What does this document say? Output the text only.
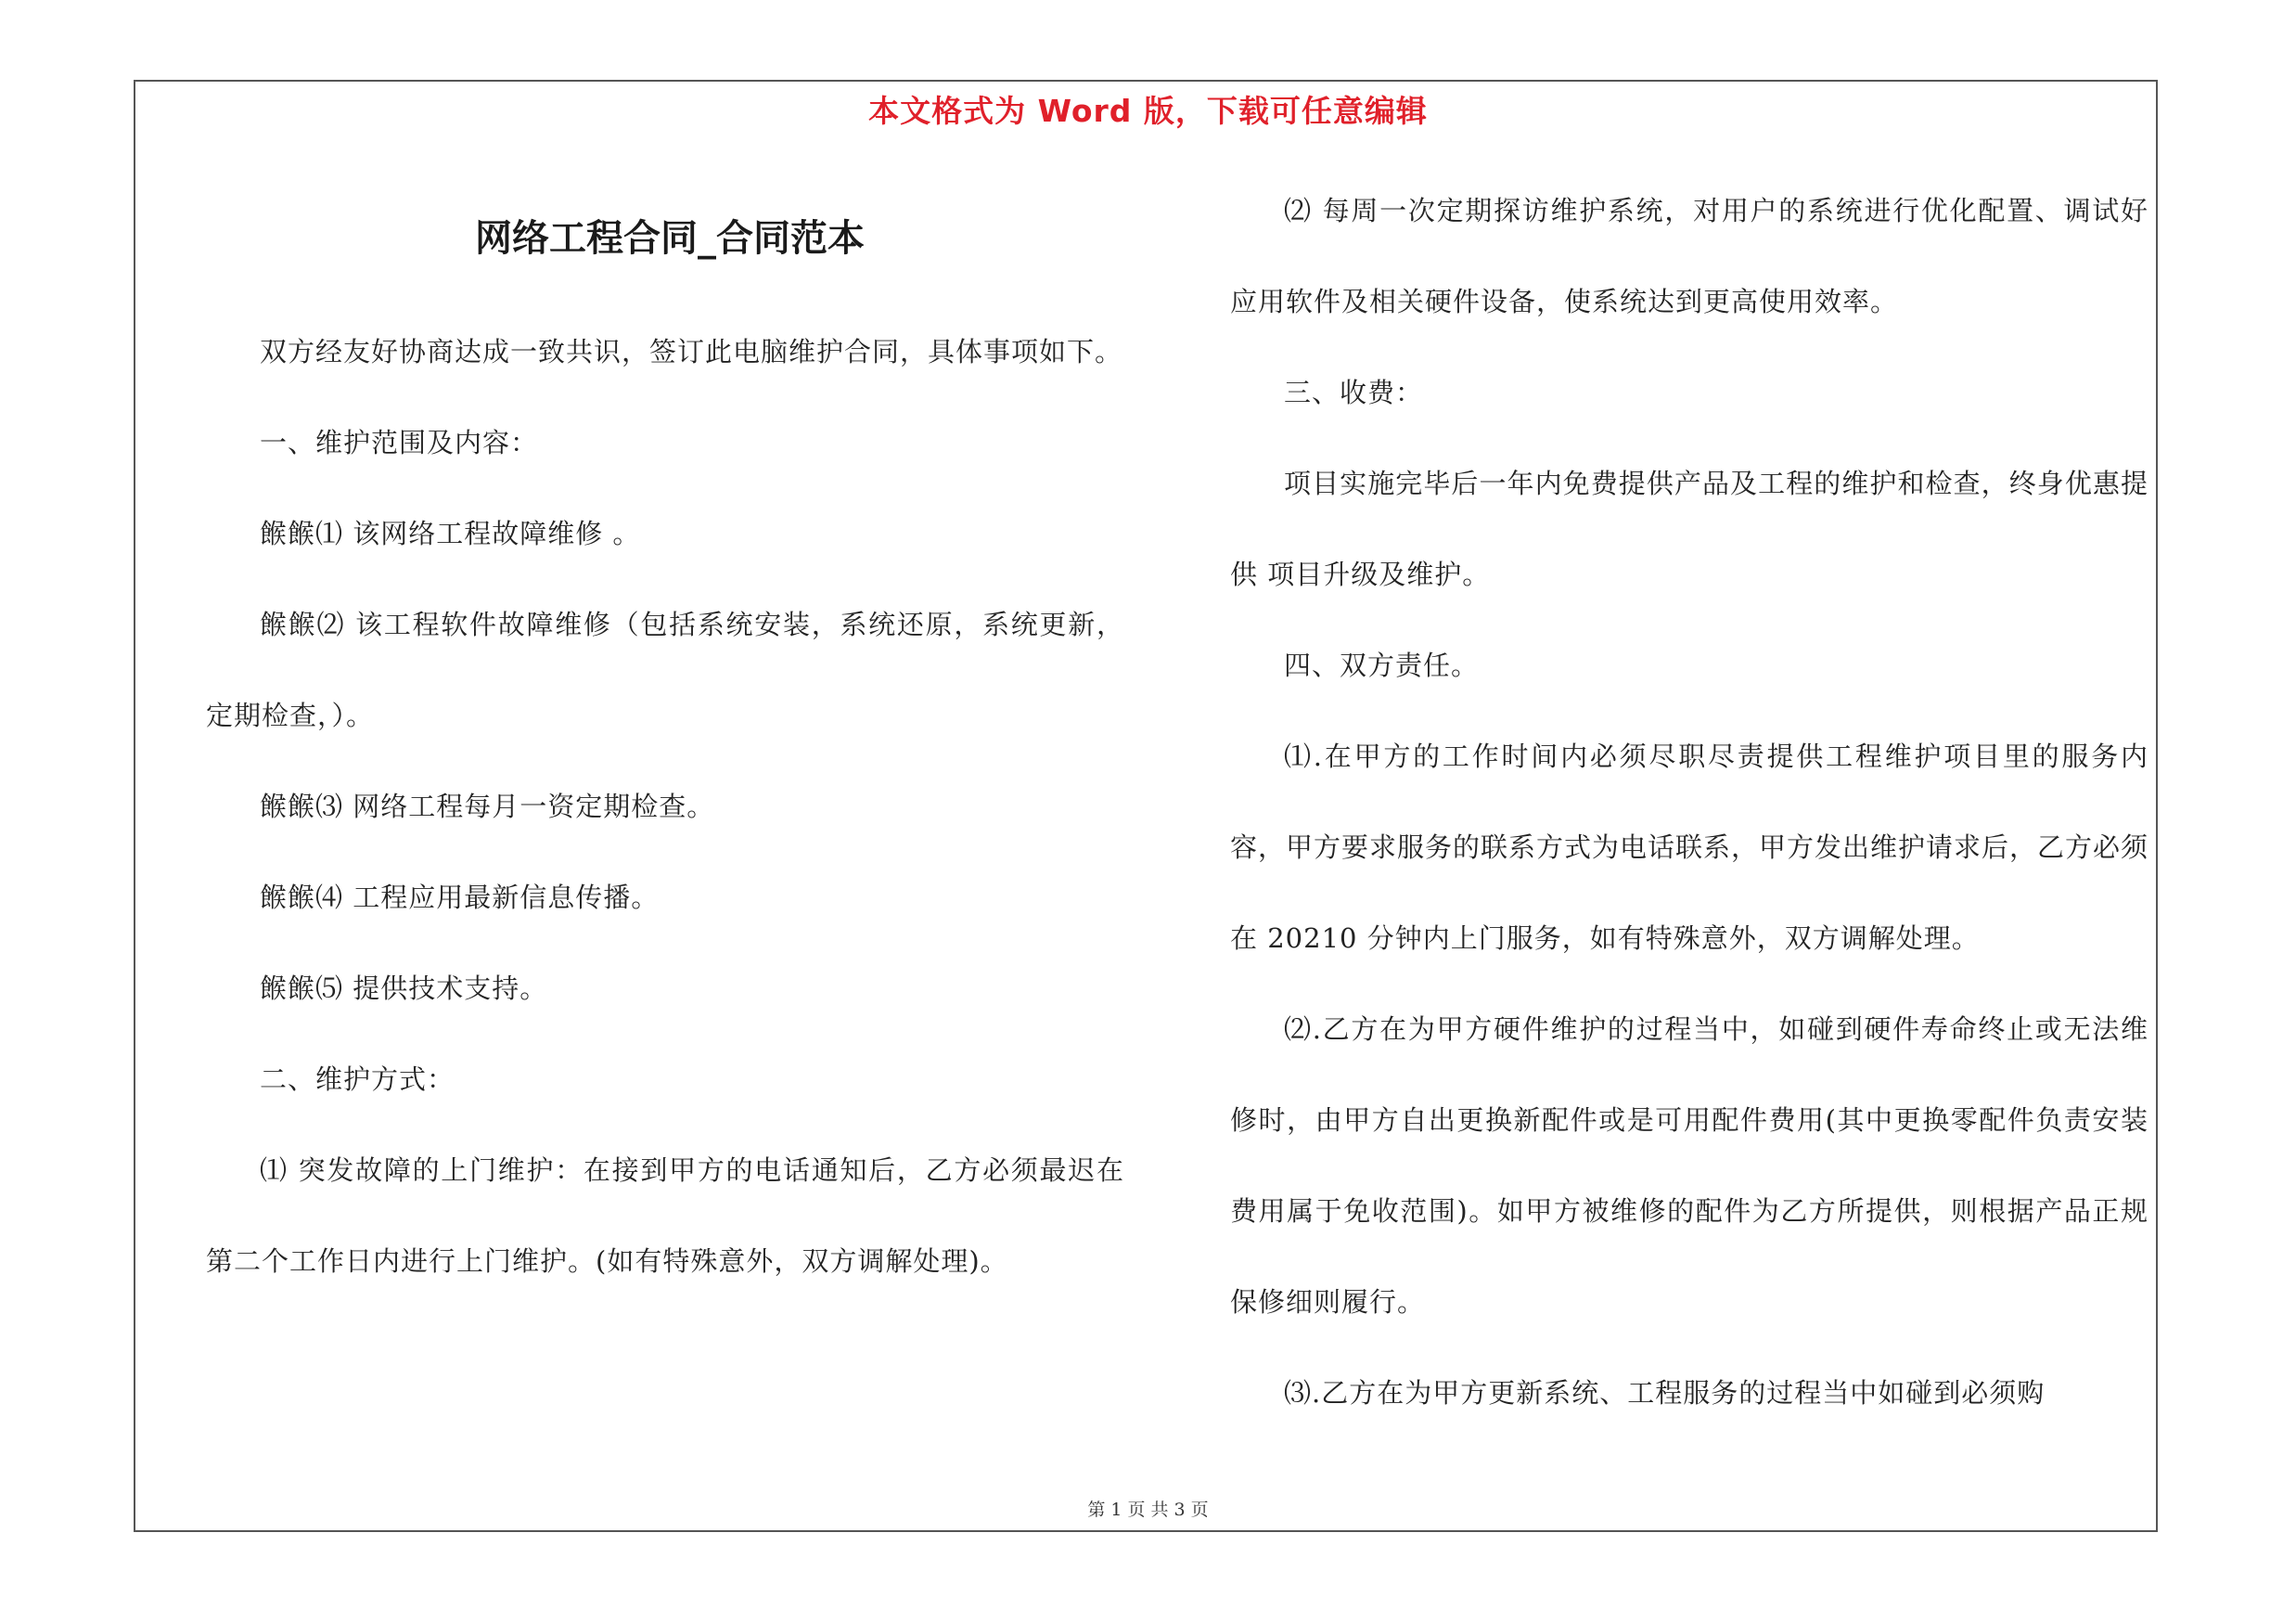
本文格式为 Word 版，下载可任意编辑
网络工程合同_合同范本

双方经友好协商达成一致共识，签订此电脑维护合同，具体事项如下。

一、维护范围及内容：

餱餱⑴ 该网络工程故障维修 。

餱餱⑵ 该工程软件故障维修（包括系统安装，系统还原，系统更新，定期检查，）。

餱餱⑶ 网络工程每月一资定期检查。

餱餱⑷ 工程应用最新信息传播。

餱餱⑸ 提供技术支持。

二、维护方式：

⑴ 突发故障的上门维护：在接到甲方的电话通知后，乙方必须最迟在第二个工作日内进行上门维护。(如有特殊意外，双方调解处理)。

⑵ 每周一次定期探访维护系统，对用户的系统进行优化配置、调试好应用软件及相关硬件设备，使系统达到更高使用效率。

三、收费：

项目实施完毕后一年内免费提供产品及工程的维护和检查，终身优惠提供 项目升级及维护。

四、双方责任。

⑴.在甲方的工作时间内必须尽职尽责提供工程维护项目里的服务内容，甲方要求服务的联系方式为电话联系，甲方发出维护请求后，乙方必须在 20210 分钟内上门服务，如有特殊意外，双方调解处理。

⑵.乙方在为甲方硬件维护的过程当中，如碰到硬件寿命终止或无法维修时，由甲方自出更换新配件或是可用配件费用(其中更换零配件负责安装费用属于免收范围)。如甲方被维修的配件为乙方所提供，则根据产品正规保修细则履行。

⑶.乙方在为甲方更新系统、工程服务的过程当中如碰到必须购

第 1 页 共 3 页
